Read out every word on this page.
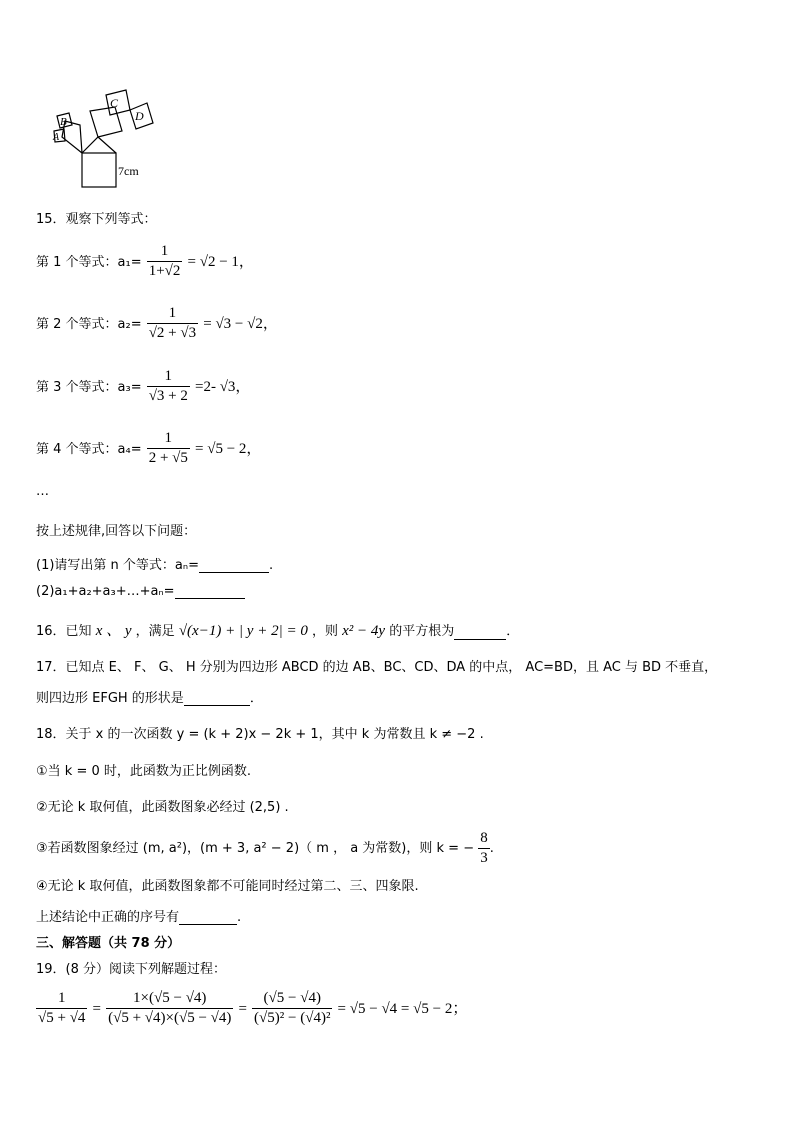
A
B
C
D
7cm
15．观察下列等式：
第 1 个等式：$a_1= \frac{1}{1+√2} = √2 - 1$，
第 2 个等式：$a_2= \frac{1}{√2 + √3} = √3 - √2$，
第 3 个等式：$a_3= \frac{1}{√3 + 2} =2-$ √3，
第 4 个等式：$a_4= \frac{1}{2 + √5} = √5 - 2$，
…
按上述规律,回答以下问题：
(1)请写出第 n 个等式：aₙ=	.
(2)a₁+a₂+a₃+…+aₙ=
16．已知 x 、 y ，满足 √(x−1) + | y + 2| = 0 ，则 x² − 4y 的平方根为	．
17．已知点 E、 F、 G、 H 分别为四边形 ABCD 的边 AB、BC、CD、DA 的中点， AC=BD，且 AC 与 BD 不垂直，
则四边形 EFGH 的形状是	．
18．关于 x 的一次函数 y = (k + 2)x − 2k + 1，其中 k 为常数且 k ≠ −2 .
①当 k = 0 时，此函数为正比例函数.
②无论 k 取何值，此函数图象必经过 (2,5) .
③若函数图象经过 (m, a²)，(m + 3, a² − 2)（ m ， a 为常数)，则 k = − $\frac{8}{3}$ .
④无论 k 取何值，此函数图象都不可能同时经过第二、三、四象限.
上述结论中正确的序号有	.
三、解答题（共 78 分）
19．(8 分）阅读下列解题过程：
$\frac{1}{√5 + √4} = \frac{1\times(√5 - √4)}{(√5 + √4)\times(√5 - √4)} = \frac{(√5 - √4)}{\text{(√5)² − (√4)²}} = √5 - √4 = √5 - 2$；
